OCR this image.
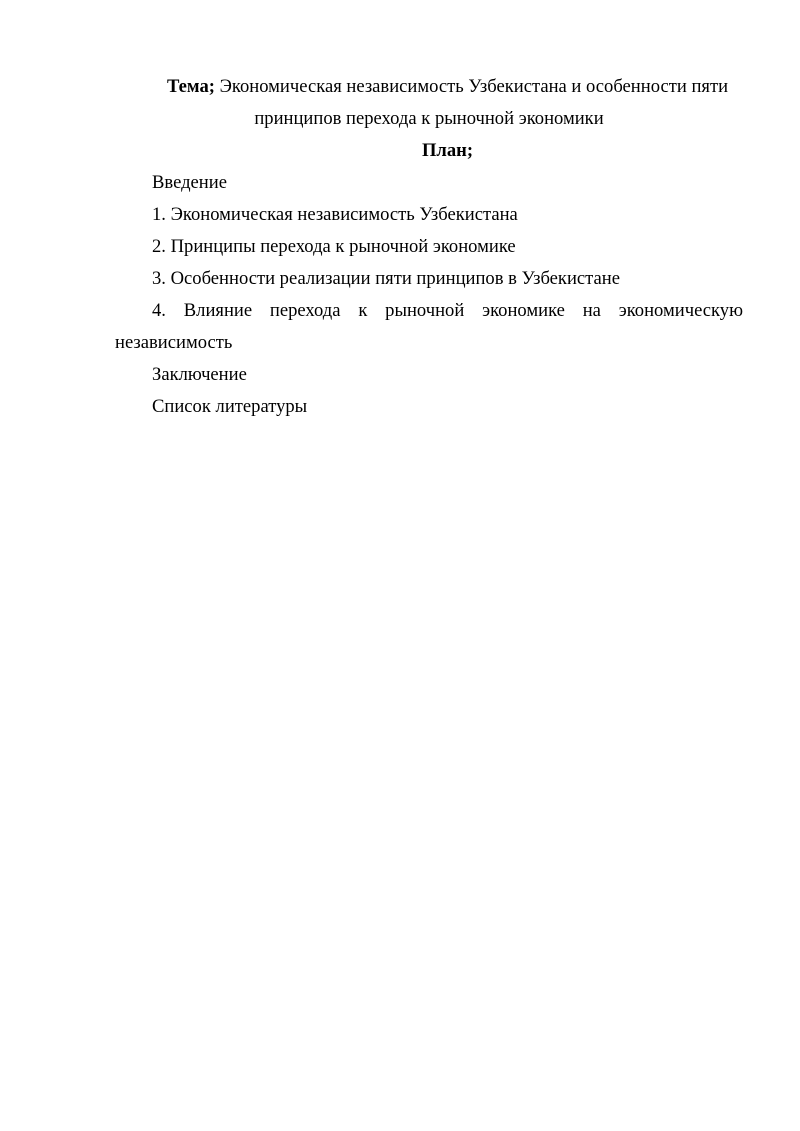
Тема; Экономическая независимость Узбекистана и особенности пяти принципов перехода к рыночной экономики
План;
Введение
1. Экономическая независимость Узбекистана
2. Принципы перехода к рыночной экономике
3. Особенности реализации пяти принципов в Узбекистане
4. Влияние перехода к рыночной экономике на экономическую независимость
Заключение
Список литературы
